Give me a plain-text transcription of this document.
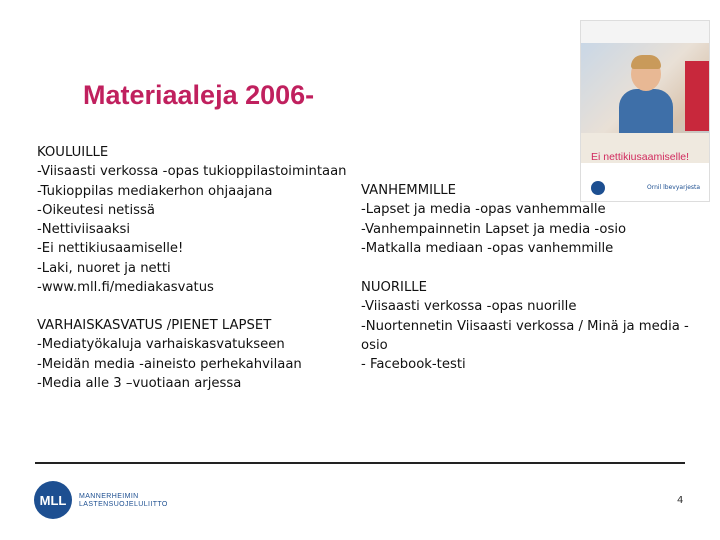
Materiaaleja 2006-
KOULUILLE
-Viisaasti verkossa -opas tukioppilastoimintaan
-Tukioppilas mediakerhon ohjaajana
-Oikeutesi netissä
-Nettiviisaaksi
-Ei nettikiusaamiselle!
-Laki, nuoret ja netti
-www.mll.fi/mediakasvatus
VARHAISKASVATUS /PIENET LAPSET
-Mediatyökaluja varhaiskasvatukseen
-Meidän media -aineisto perhekahvilaan
-Media alle 3 –vuotiaan arjessa
VANHEMMILLE
-Lapset ja media -opas vanhemmalle
-Vanhempainnetin Lapset ja media -osio
-Matkalla mediaan -opas vanhemmille
NUORILLE
-Viisaasti verkossa -opas nuorille
-Nuortennetin Viisaasti verkossa / Minä ja media -
osio
- Facebook-testi
Ei nettikiusaamiselle!
Ornil lbevyarjesta
MLL MANNERHEIMIN
LASTENSUOJELULIITTO	4
